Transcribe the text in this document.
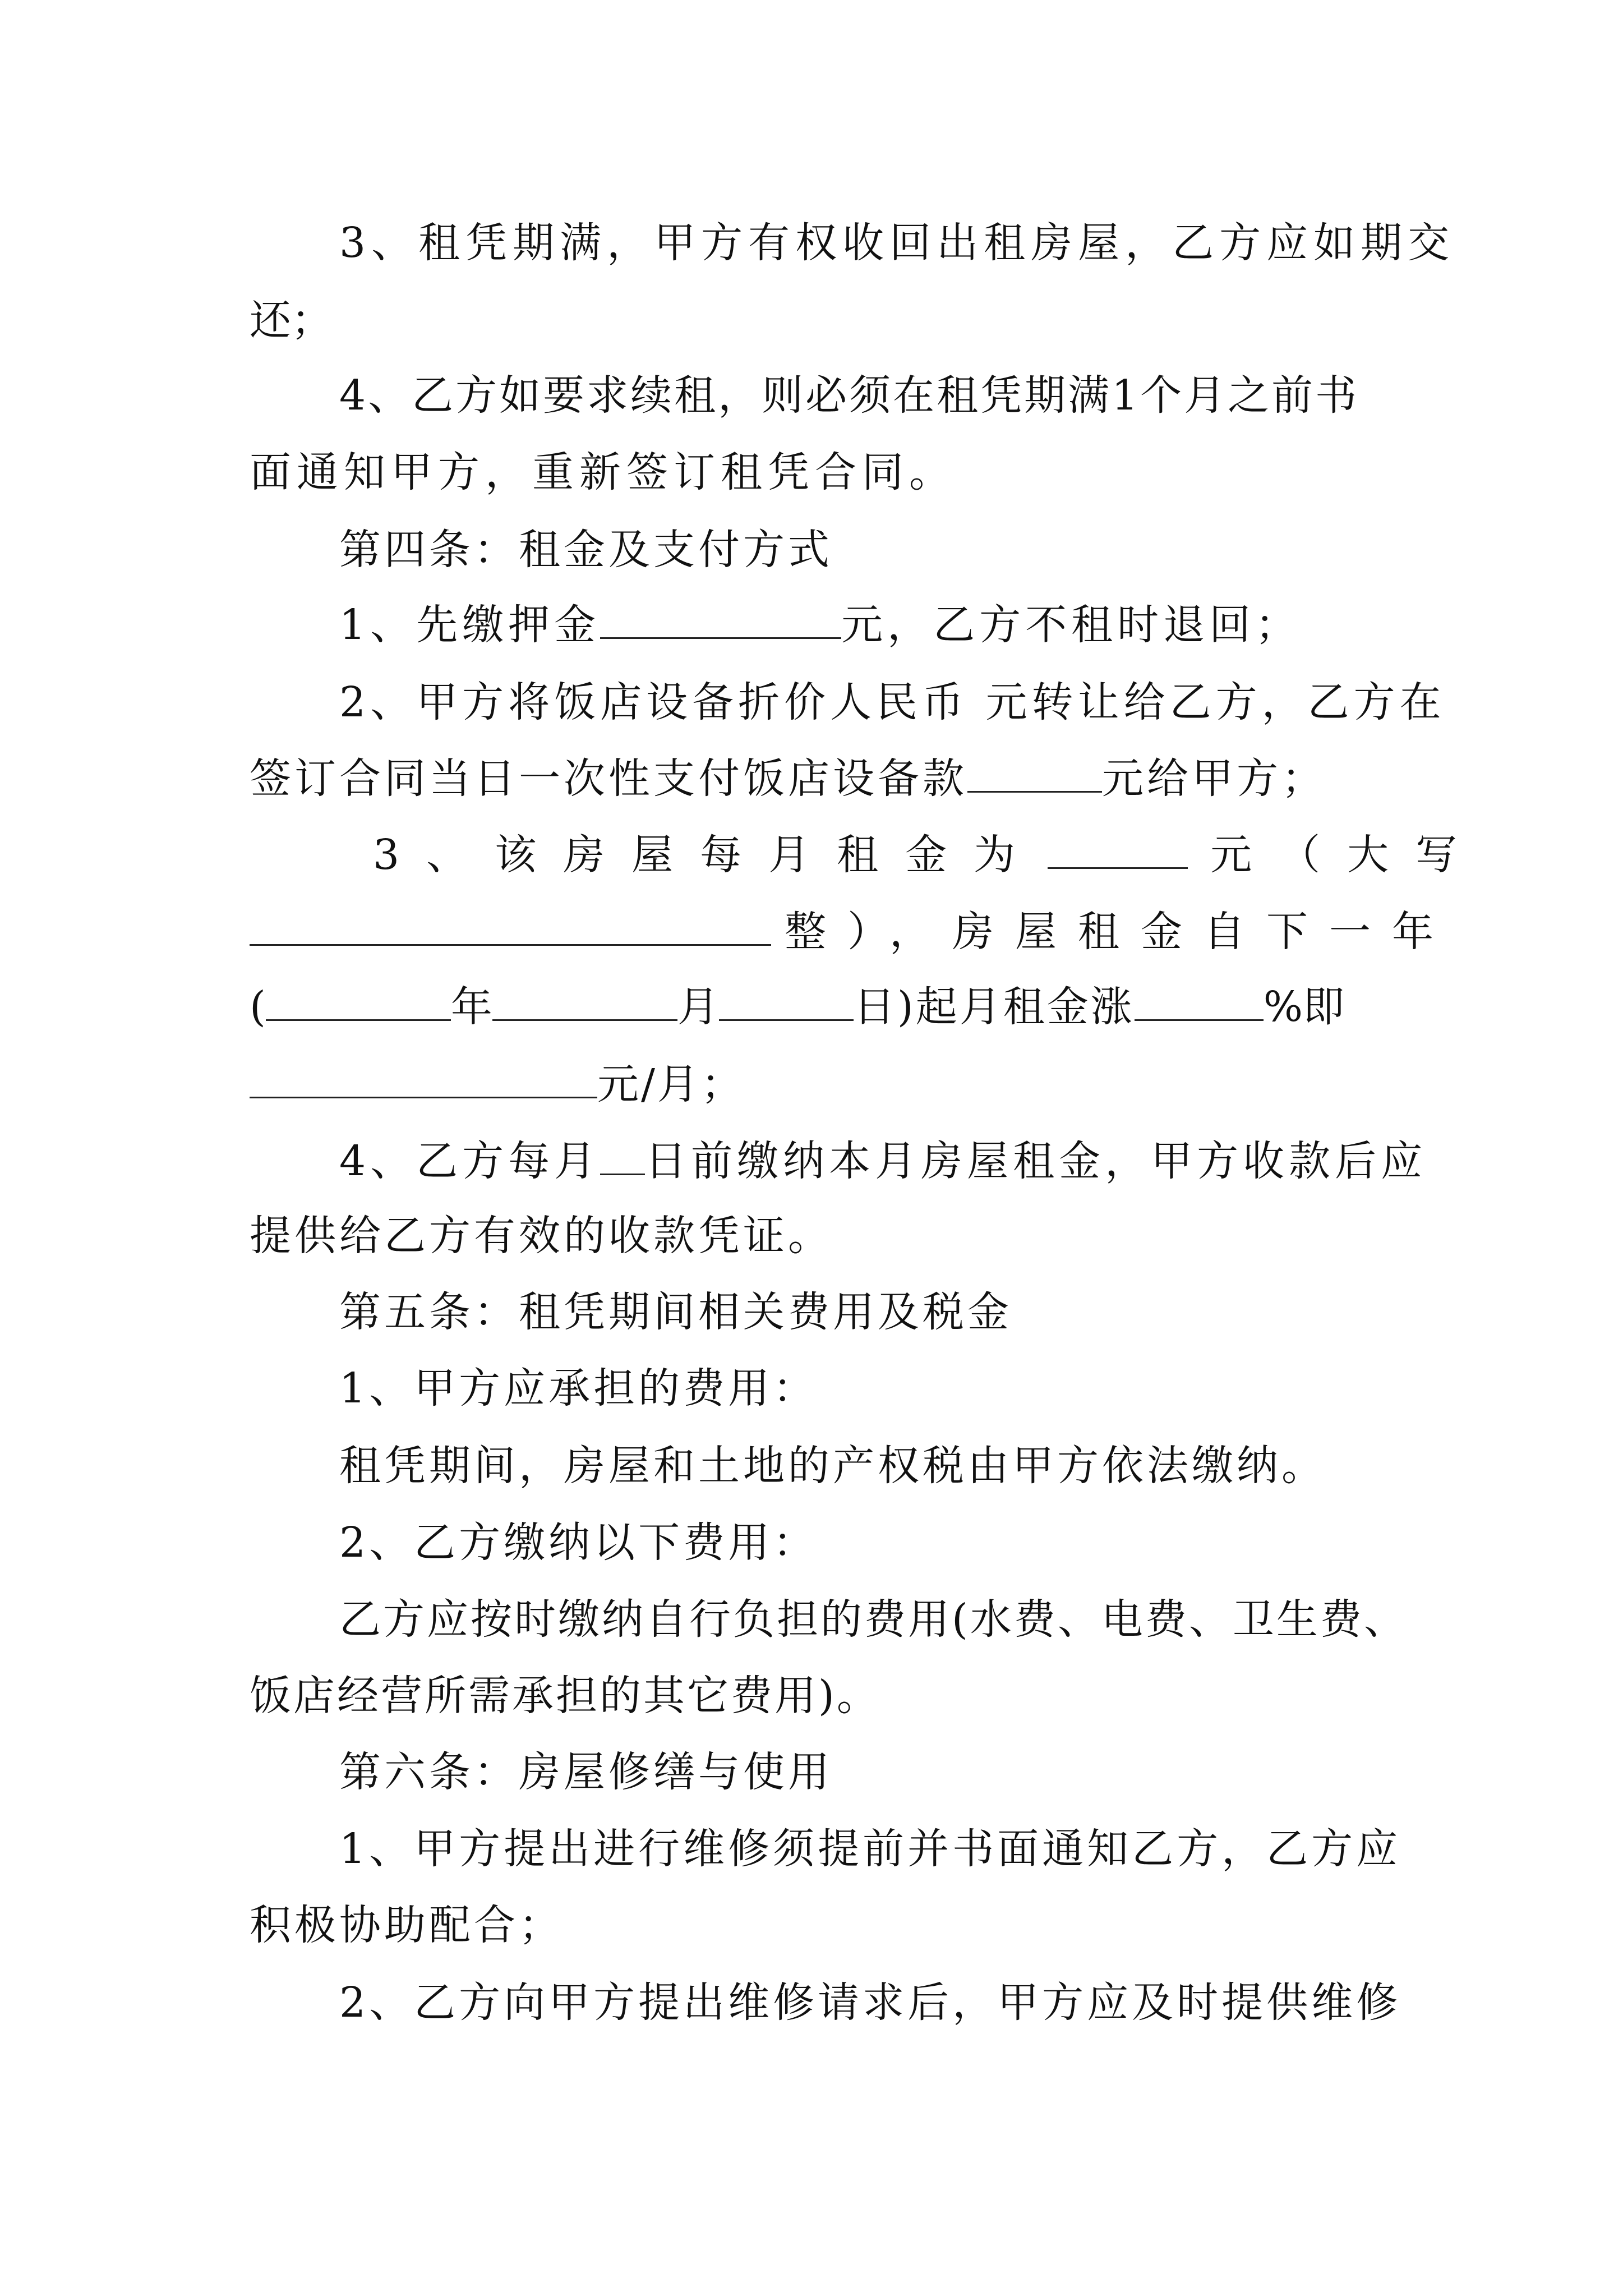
3、租凭期满，甲方有权收回出租房屋，乙方应如期交
还；
4、乙方如要求续租，则必须在租凭期满1个月之前书
面通知甲方，重新签订租凭合同。
第四条：租金及支付方式
1、先缴押金	元，乙方不租时退回；
2、甲方将饭店设备折价人民币 元转让给乙方，乙方在
签订合同当日一次性支付饭店设备款	元给甲方；
3、该房屋每月租金为	元（大写
整），房屋租金自下一年
(	年	月	日)起月租金涨	%即
元/月；
4、乙方每月 日前缴纳本月房屋租金，甲方收款后应
提供给乙方有效的收款凭证。
第五条：租凭期间相关费用及税金
1、甲方应承担的费用：
租凭期间，房屋和土地的产权税由甲方依法缴纳。
2、乙方缴纳以下费用：
乙方应按时缴纳自行负担的费用(水费、电费、卫生费、
饭店经营所需承担的其它费用)。
第六条：房屋修缮与使用
1、甲方提出进行维修须提前并书面通知乙方，乙方应
积极协助配合；
2、乙方向甲方提出维修请求后，甲方应及时提供维修
